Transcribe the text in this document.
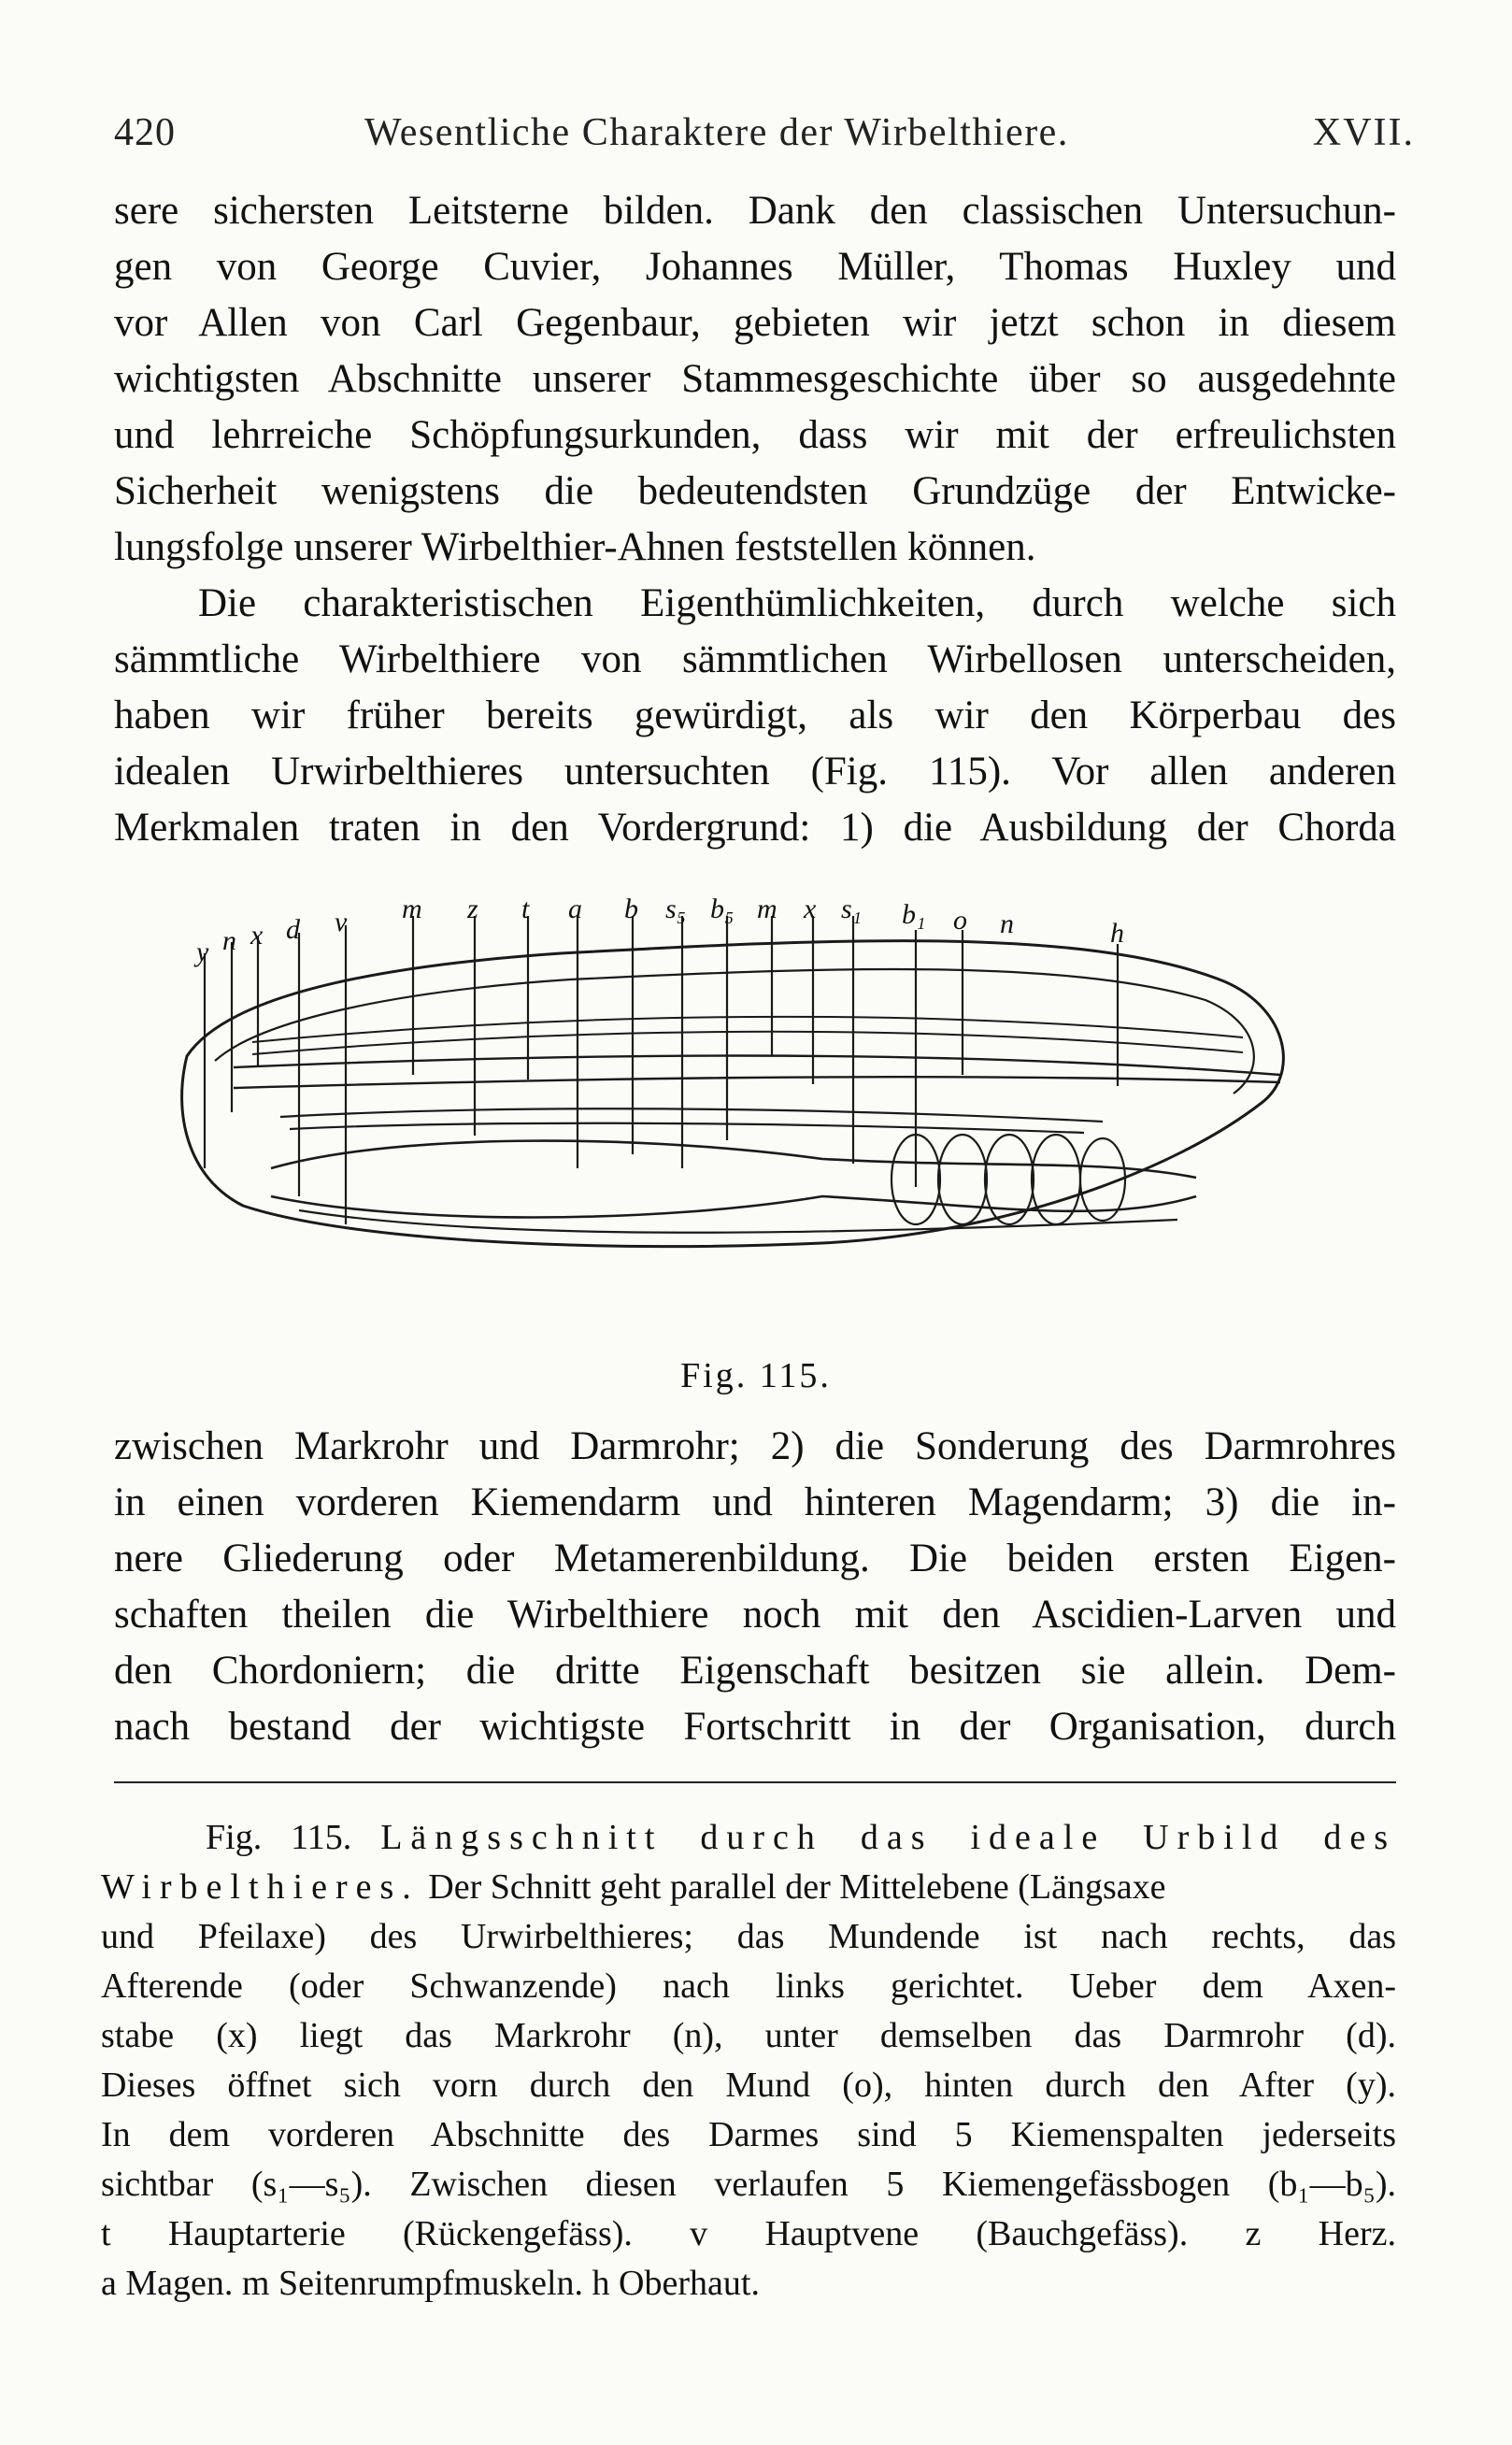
420	Wesentliche Charaktere der Wirbelthiere.	XVII.
sere sichersten Leitsterne bilden. Dank den classischen Untersuchun-
gen von George Cuvier, Johannes Müller, Thomas Huxley und
vor Allen von Carl Gegenbaur, gebieten wir jetzt schon in diesem
wichtigsten Abschnitte unserer Stammesgeschichte über so ausgedehnte
und lehrreiche Schöpfungsurkunden, dass wir mit der erfreulichsten
Sicherheit wenigstens die bedeutendsten Grundzüge der Entwicke-
lungsfolge unserer Wirbelthier-Ahnen feststellen können.
Die charakteristischen Eigenthümlichkeiten, durch welche sich
sämmtliche Wirbelthiere von sämmtlichen Wirbellosen unterscheiden,
haben wir früher bereits gewürdigt, als wir den Körperbau des
idealen Urwirbelthieres untersuchten (Fig. 115). Vor allen anderen
Merkmalen traten in den Vordergrund: 1) die Ausbildung der Chorda
y n x d v m z t a b s₅ b₅ m x s₁ b₁ o n	h
Fig. 115.
zwischen Markrohr und Darmrohr; 2) die Sonderung des Darmrohres
in einen vorderen Kiemendarm und hinteren Magendarm; 3) die in-
nere Gliederung oder Metamerenbildung. Die beiden ersten Eigen-
schaften theilen die Wirbelthiere noch mit den Ascidien-Larven und
den Chordoniern; die dritte Eigenschaft besitzen sie allein. Dem-
nach bestand der wichtigste Fortschritt in der Organisation, durch
Fig. 115. Längsschnitt durch das ideale Urbild des
Wirbelthieres. Der Schnitt geht parallel der Mittelebene (Längsaxe
und Pfeilaxe) des Urwirbelthieres; das Mundende ist nach rechts, das
Afterende (oder Schwanzende) nach links gerichtet. Ueber dem Axen-
stabe (x) liegt das Markrohr (n), unter demselben das Darmrohr (d).
Dieses öffnet sich vorn durch den Mund (o), hinten durch den After (y).
In dem vorderen Abschnitte des Darmes sind 5 Kiemenspalten jederseits
sichtbar (s₁—s₅). Zwischen diesen verlaufen 5 Kiemengefässbogen (b₁—b₅).
t Hauptarterie (Rückengefäss). v Hauptvene (Bauchgefäss). z Herz.
a Magen. m Seitenrumpfmuskeln. h Oberhaut.
